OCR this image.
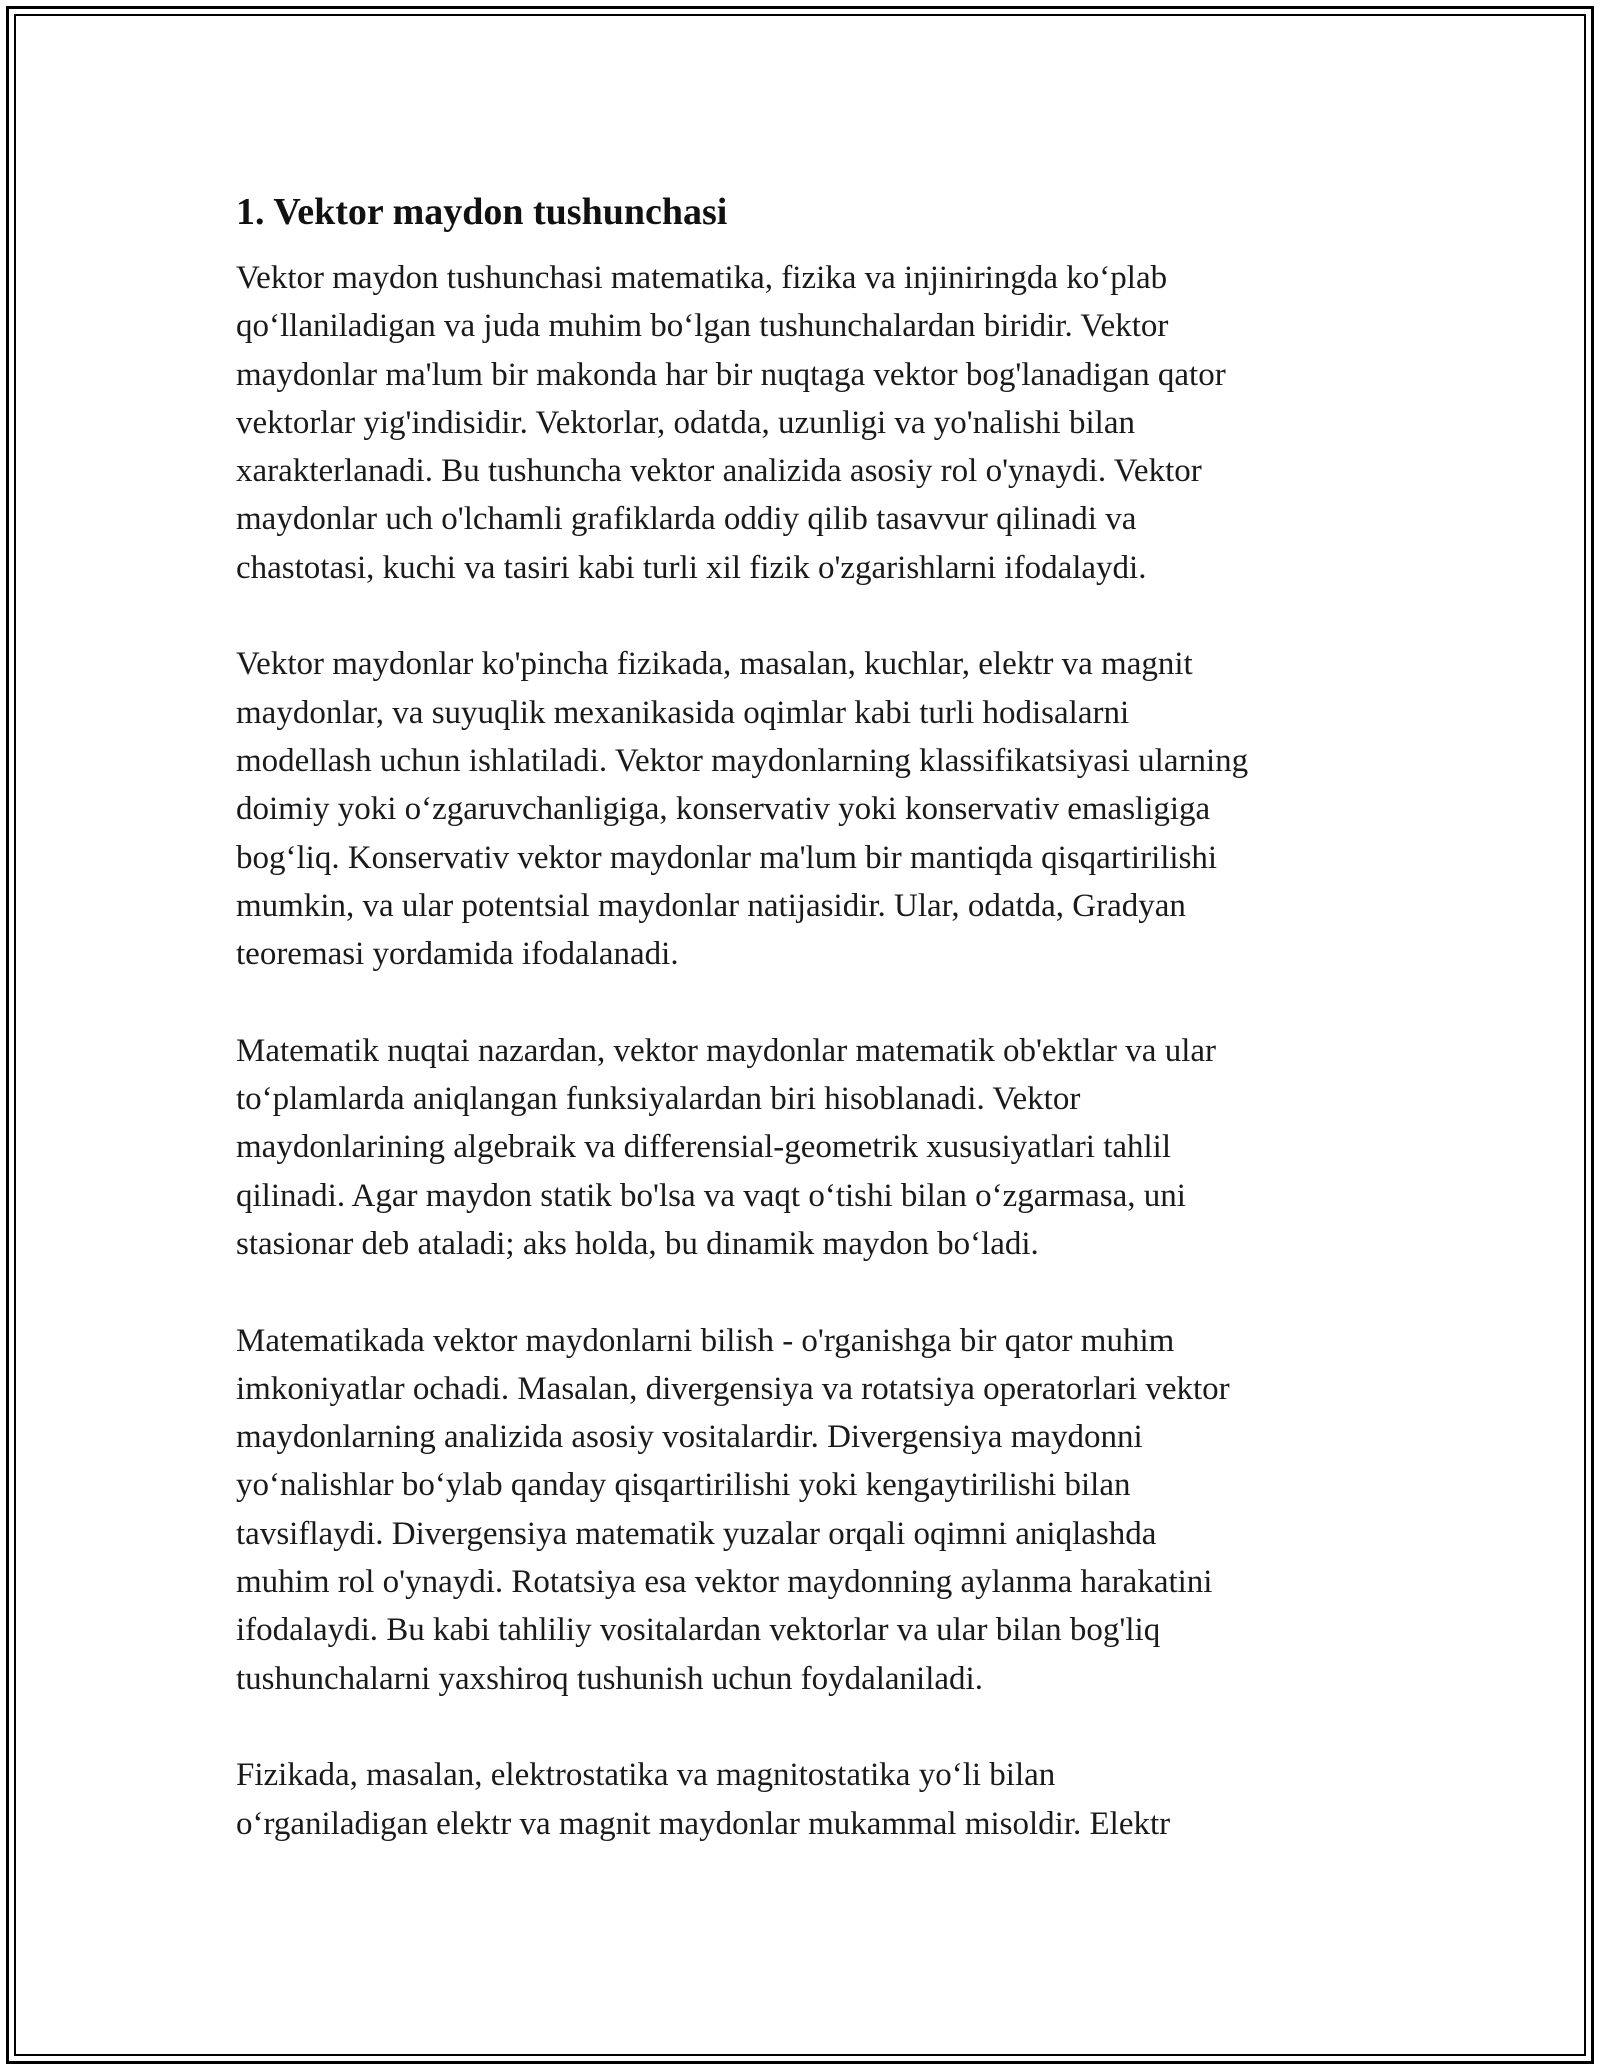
1. Vektor maydon tushunchasi

Vektor maydon tushunchasi matematika, fizika va injiniringda ko‘plab
qo‘llaniladigan va juda muhim bo‘lgan tushunchalardan biridir. Vektor
maydonlar ma'lum bir makonda har bir nuqtaga vektor bog'lanadigan qator
vektorlar yig'indisidir. Vektorlar, odatda, uzunligi va yo'nalishi bilan
xarakterlanadi. Bu tushuncha vektor analizida asosiy rol o'ynaydi. Vektor
maydonlar uch o'lchamli grafiklarda oddiy qilib tasavvur qilinadi va
chastotasi, kuchi va tasiri kabi turli xil fizik o'zgarishlarni ifodalaydi.

Vektor maydonlar ko'pincha fizikada, masalan, kuchlar, elektr va magnit
maydonlar, va suyuqlik mexanikasida oqimlar kabi turli hodisalarni
modellash uchun ishlatiladi. Vektor maydonlarning klassifikatsiyasi ularning
doimiy yoki o‘zgaruvchanligiga, konservativ yoki konservativ emasligiga
bog‘liq. Konservativ vektor maydonlar ma'lum bir mantiqda qisqartirilishi
mumkin, va ular potentsial maydonlar natijasidir. Ular, odatda, Gradyan
teoremasi yordamida ifodalanadi.

Matematik nuqtai nazardan, vektor maydonlar matematik ob'ektlar va ular
to‘plamlarda aniqlangan funksiyalardan biri hisoblanadi. Vektor
maydonlarining algebraik va differensial-geometrik xususiyatlari tahlil
qilinadi. Agar maydon statik bo'lsa va vaqt o‘tishi bilan o‘zgarmasa, uni
stasionar deb ataladi; aks holda, bu dinamik maydon bo‘ladi.

Matematikada vektor maydonlarni bilish - o'rganishga bir qator muhim
imkoniyatlar ochadi. Masalan, divergensiya va rotatsiya operatorlari vektor
maydonlarning analizida asosiy vositalardir. Divergensiya maydonni
yo‘nalishlar bo‘ylab qanday qisqartirilishi yoki kengaytirilishi bilan
tavsiflaydi. Divergensiya matematik yuzalar orqali oqimni aniqlashda
muhim rol o'ynaydi. Rotatsiya esa vektor maydonning aylanma harakatini
ifodalaydi. Bu kabi tahliliy vositalardan vektorlar va ular bilan bog'liq
tushunchalarni yaxshiroq tushunish uchun foydalaniladi.

Fizikada, masalan, elektrostatika va magnitostatika yo‘li bilan
o‘rganiladigan elektr va magnit maydonlar mukammal misoldir. Elektr
